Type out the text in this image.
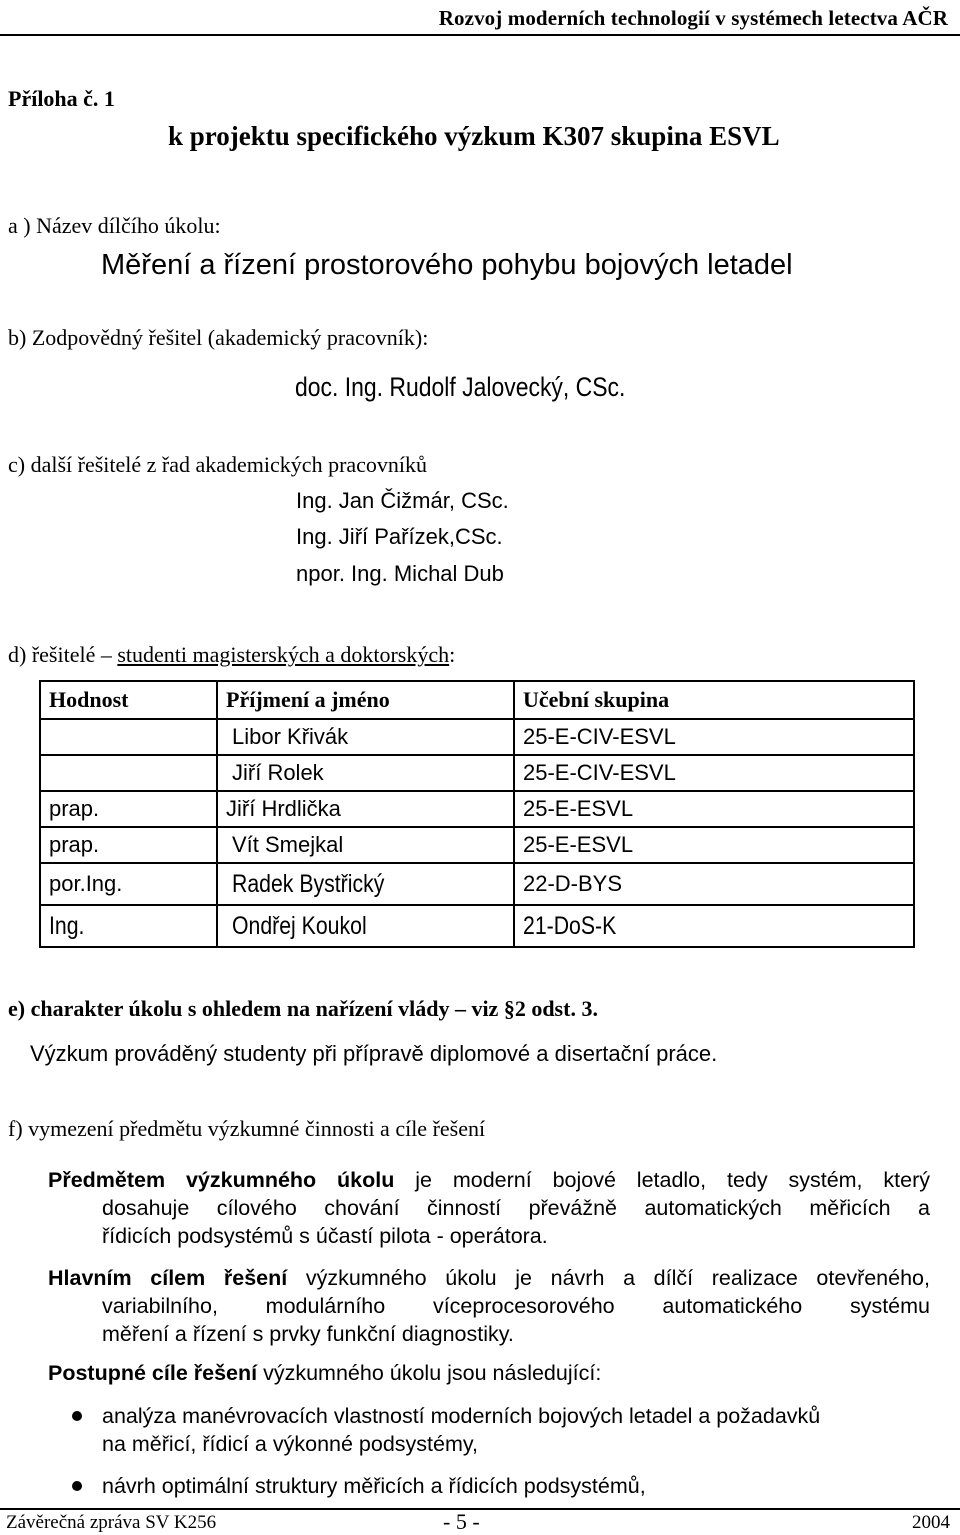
Rozvoj moderních technologií v systémech letectva AČR
Příloha č. 1
k projektu specifického výzkum K307 skupina ESVL
a ) Název dílčího úkolu:
Měření a řízení prostorového pohybu bojových letadel
b) Zodpovědný řešitel (akademický pracovník):
doc. Ing. Rudolf Jalovecký, CSc.
c) další řešitelé z řad akademických pracovníků
Ing. Jan Čižmár, CSc.
Ing. Jiří Pařízek,CSc.
npor. Ing. Michal Dub
d) řešitelé – studenti magisterských a doktorských:
Hodnost	Příjmení a jméno	Učební skupina
	Libor Křivák	25-E-CIV-ESVL
	Jiří Rolek	25-E-CIV-ESVL
prap.	Jiří Hrdlička	25-E-ESVL
prap.	Vít Smejkal	25-E-ESVL
por.Ing.	Radek Bystřický	22-D-BYS
Ing.	Ondřej Koukol	21-DoS-K
e) charakter úkolu s ohledem na nařízení vlády – viz §2 odst. 3.
Výzkum prováděný studenty při přípravě diplomové a disertační práce.
f) vymezení předmětu výzkumné činnosti a cíle řešení
Předmětem výzkumného úkolu je moderní bojové letadlo, tedy systém, který
dosahuje cílového chování činností převážně automatických měřicích a
řídicích podsystémů s účastí pilota - operátora.
Hlavním cílem řešení výzkumného úkolu je návrh a dílčí realizace otevřeného,
variabilního, modulárního víceprocesorového automatického systému
měření a řízení s prvky funkční diagnostiky.
Postupné cíle řešení výzkumného úkolu jsou následující:
analýza manévrovacích vlastností moderních bojových letadel a požadavků
na měřicí, řídicí a výkonné podsystémy,
návrh optimální struktury měřicích a řídicích podsystémů,
Závěrečná zpráva SV K256	- 5 -	2004
